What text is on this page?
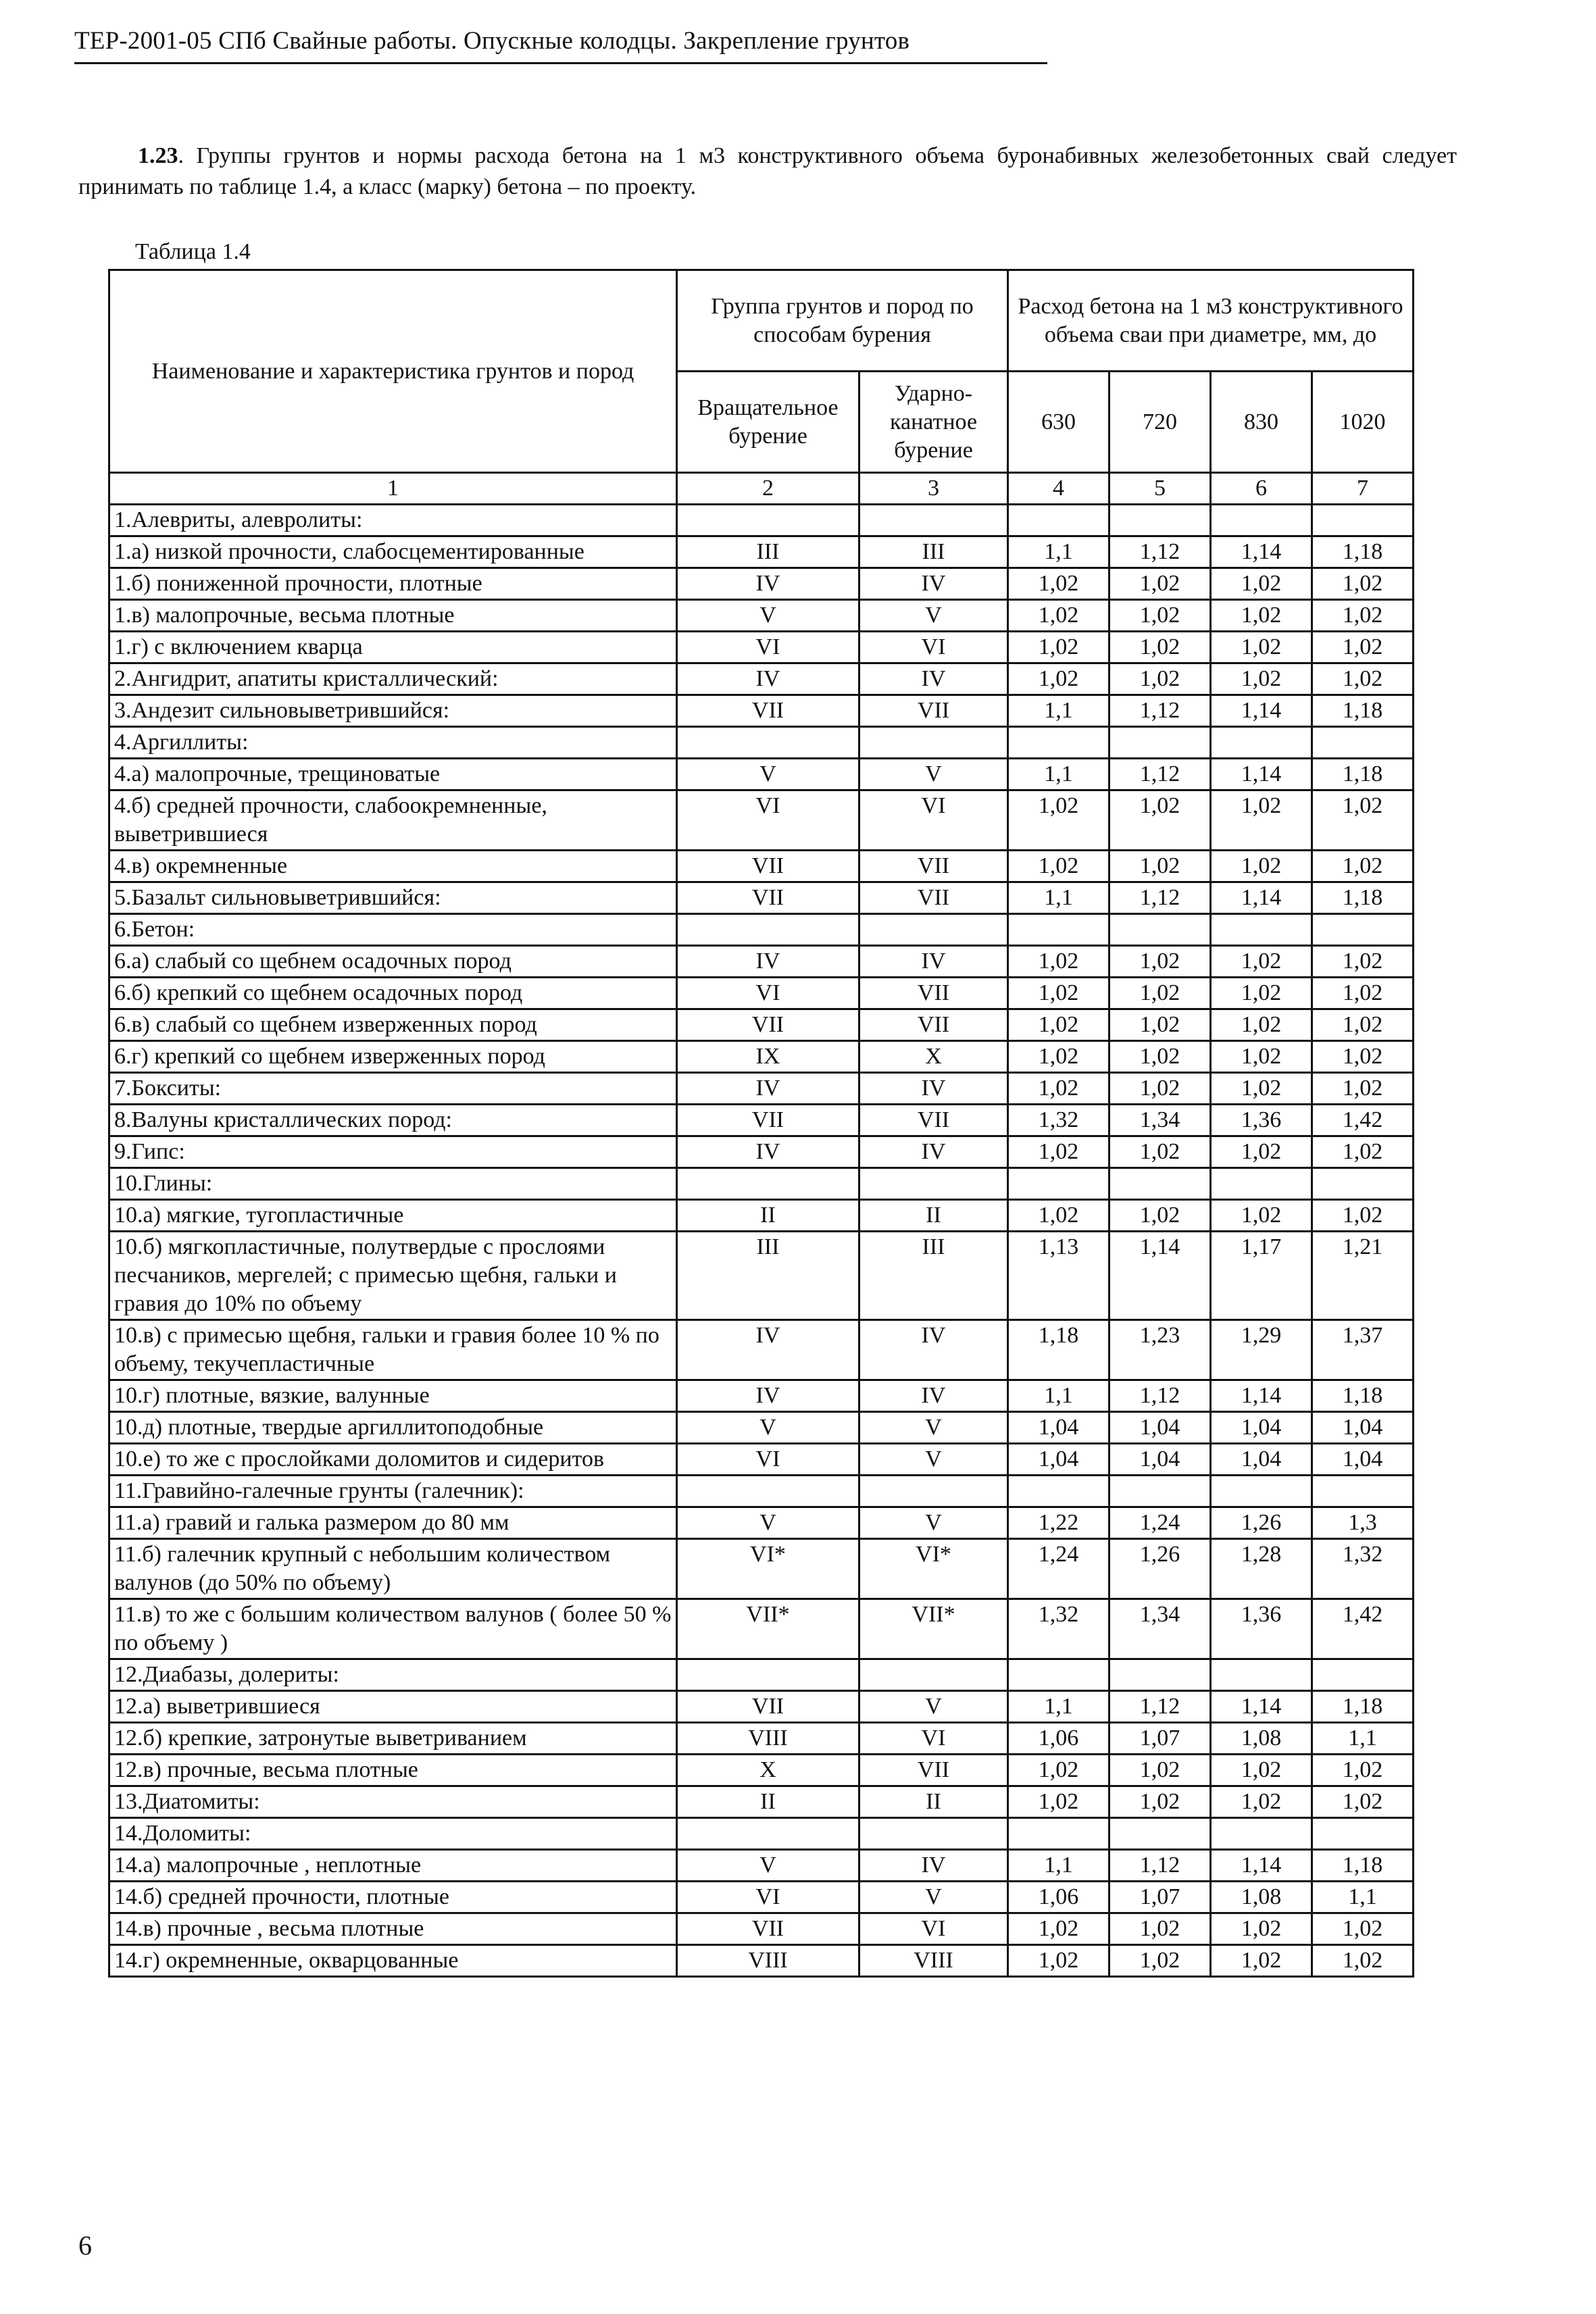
ТЕР-2001-05 СПб Свайные работы. Опускные колодцы. Закрепление грунтов
1.23. Группы грунтов и нормы расхода бетона на 1 м3 конструктивного объема буронабивных железобетонных свай следует принимать по таблице 1.4, а класс (марку) бетона – по проекту.
Таблица 1.4
Наименование и характеристика грунтов и пород	Группа грунтов и пород по способам бурения		Расход бетона на 1 м3 конструктивного объема сваи при диаметре, мм, до			
	Вращательное бурение	Ударно-канатное бурение	630	720	830	1020
1	2	3	4	5	6	7
1.Алевриты, алевролиты:						
1.а) низкой прочности, слабосцементированные	III	III	1,1	1,12	1,14	1,18
1.б) пониженной прочности, плотные	IV	IV	1,02	1,02	1,02	1,02
1.в) малопрочные, весьма плотные	V	V	1,02	1,02	1,02	1,02
1.г) с включением кварца	VI	VI	1,02	1,02	1,02	1,02
2.Ангидрит, апатиты кристаллический:	IV	IV	1,02	1,02	1,02	1,02
3.Андезит сильновыветрившийся:	VII	VII	1,1	1,12	1,14	1,18
4.Аргиллиты:						
4.а) малопрочные, трещиноватые	V	V	1,1	1,12	1,14	1,18
4.б) средней прочности, слабоокремненные, выветрившиеся	VI	VI	1,02	1,02	1,02	1,02
4.в) окремненные	VII	VII	1,02	1,02	1,02	1,02
5.Базальт сильновыветрившийся:	VII	VII	1,1	1,12	1,14	1,18
6.Бетон:						
6.а) слабый со щебнем осадочных пород	IV	IV	1,02	1,02	1,02	1,02
6.б) крепкий со щебнем осадочных пород	VI	VII	1,02	1,02	1,02	1,02
6.в) слабый со щебнем изверженных пород	VII	VII	1,02	1,02	1,02	1,02
6.г) крепкий со щебнем изверженных пород	IX	X	1,02	1,02	1,02	1,02
7.Бокситы:	IV	IV	1,02	1,02	1,02	1,02
8.Валуны кристаллических пород:	VII	VII	1,32	1,34	1,36	1,42
9.Гипс:	IV	IV	1,02	1,02	1,02	1,02
10.Глины:						
10.а) мягкие, тугопластичные	II	II	1,02	1,02	1,02	1,02
10.б) мягкопластичные, полутвердые с прослоями песчаников, мергелей; с примесью щебня, гальки и гравия до 10% по объему	III	III	1,13	1,14	1,17	1,21
10.в) с примесью щебня, гальки и гравия более 10 % по объему, текучепластичные	IV	IV	1,18	1,23	1,29	1,37
10.г) плотные, вязкие, валунные	IV	IV	1,1	1,12	1,14	1,18
10.д) плотные, твердые аргиллитоподобные	V	V	1,04	1,04	1,04	1,04
10.е) то же с прослойками доломитов и сидеритов	VI	V	1,04	1,04	1,04	1,04
11.Гравийно-галечные грунты (галечник):						
11.а) гравий и галька размером до 80 мм	V	V	1,22	1,24	1,26	1,3
11.б) галечник крупный с небольшим количеством валунов (до 50% по объему)	VI*	VI*	1,24	1,26	1,28	1,32
11.в) то же с большим количеством валунов ( более 50 % по объему )	VII*	VII*	1,32	1,34	1,36	1,42
12.Диабазы, долериты:						
12.а) выветрившиеся	VII	V	1,1	1,12	1,14	1,18
12.б) крепкие, затронутые выветриванием	VIII	VI	1,06	1,07	1,08	1,1
12.в) прочные, весьма плотные	X	VII	1,02	1,02	1,02	1,02
13.Диатомиты:	II	II	1,02	1,02	1,02	1,02
14.Доломиты:						
14.а) малопрочные , неплотные	V	IV	1,1	1,12	1,14	1,18
14.б) средней прочности, плотные	VI	V	1,06	1,07	1,08	1,1
14.в) прочные , весьма плотные	VII	VI	1,02	1,02	1,02	1,02
14.г) окремненные, окварцованные	VIII	VIII	1,02	1,02	1,02	1,02
6
